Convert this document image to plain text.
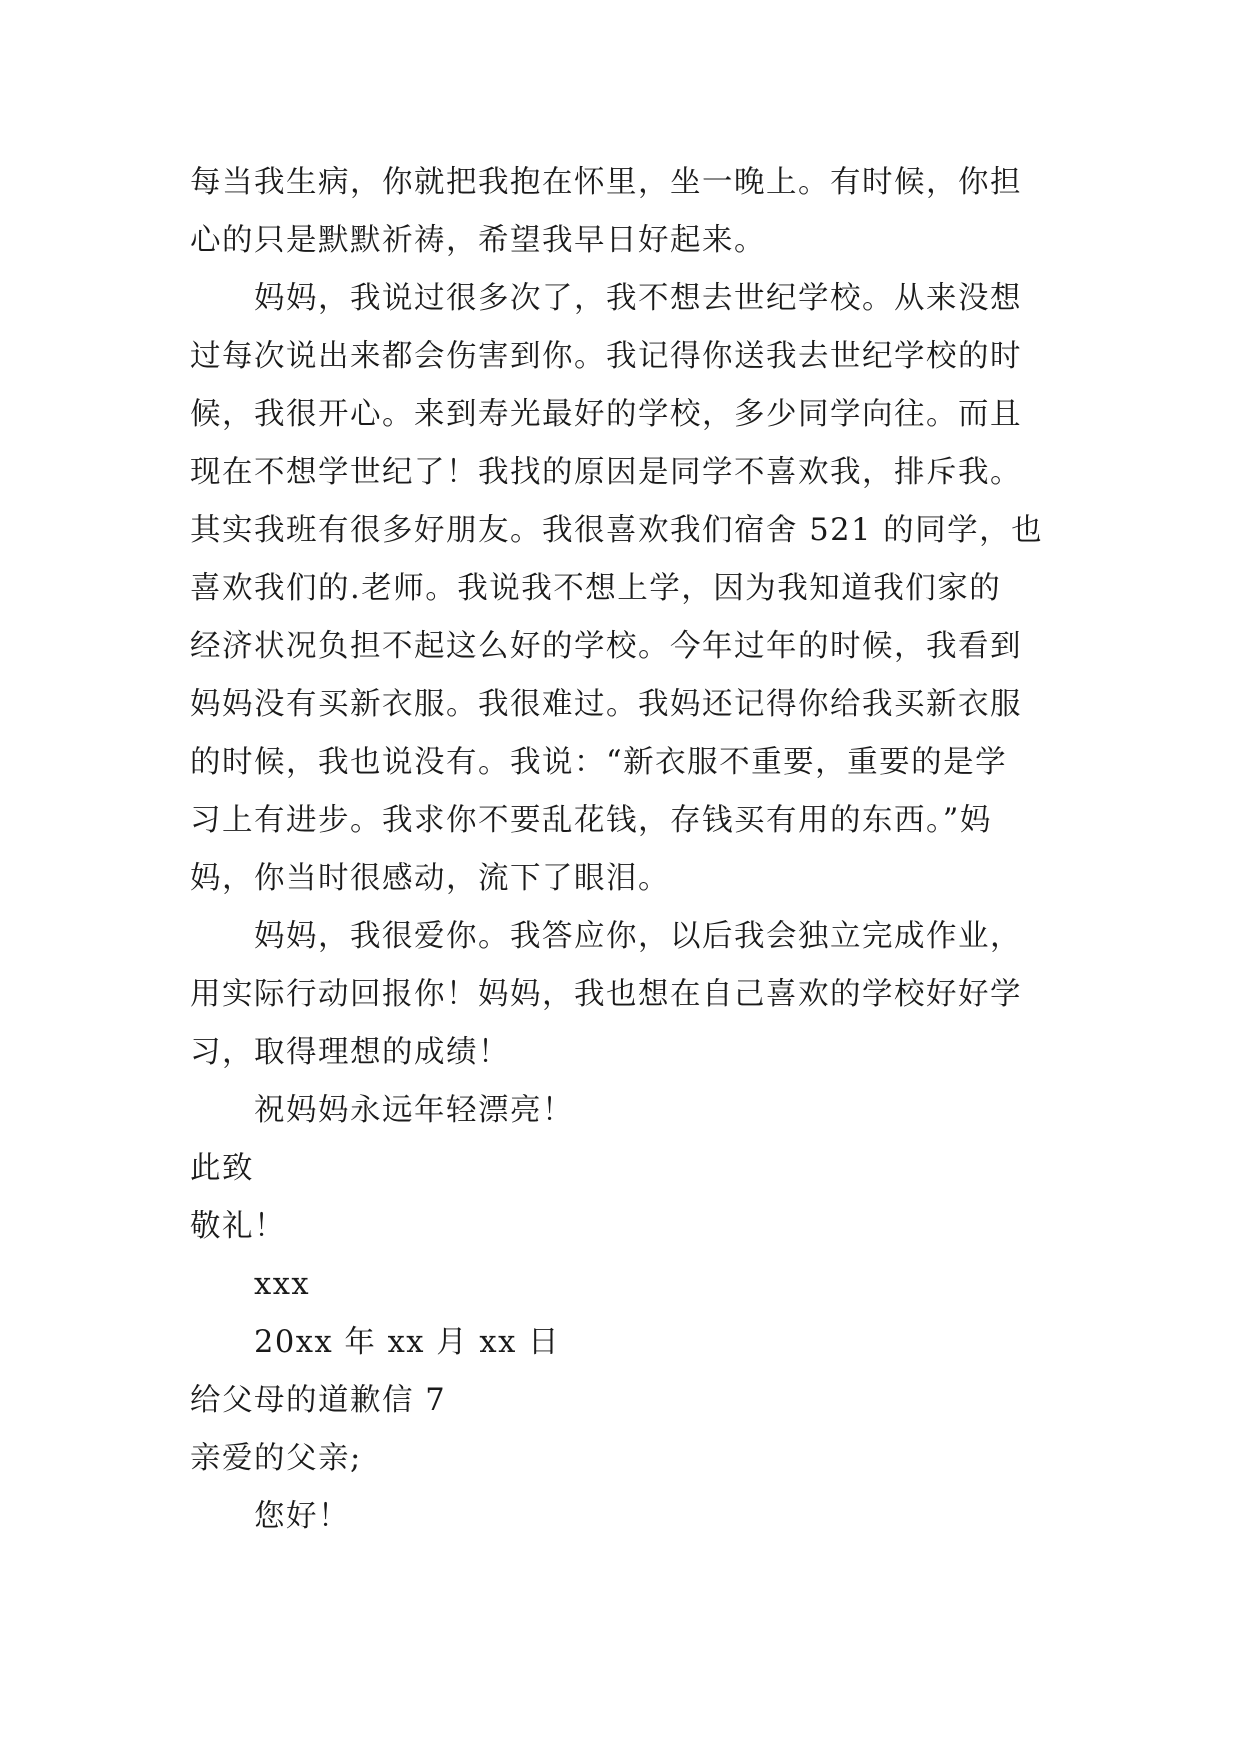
每当我生病，你就把我抱在怀里，坐一晚上。有时候，你担
心的只是默默祈祷，希望我早日好起来。
妈妈，我说过很多次了，我不想去世纪学校。从来没想
过每次说出来都会伤害到你。我记得你送我去世纪学校的时
候，我很开心。来到寿光最好的学校，多少同学向往。而且
现在不想学世纪了！我找的原因是同学不喜欢我，排斥我。
其实我班有很多好朋友。我很喜欢我们宿舍 521 的同学，也
喜欢我们的.老师。我说我不想上学，因为我知道我们家的
经济状况负担不起这么好的学校。今年过年的时候，我看到
妈妈没有买新衣服。我很难过。我妈还记得你给我买新衣服
的时候，我也说没有。我说：“新衣服不重要，重要的是学
习上有进步。我求你不要乱花钱，存钱买有用的东西。”妈
妈，你当时很感动，流下了眼泪。
妈妈，我很爱你。我答应你，以后我会独立完成作业，
用实际行动回报你！妈妈，我也想在自己喜欢的学校好好学
习，取得理想的成绩！
祝妈妈永远年轻漂亮！
此致
敬礼！
xxx
20xx 年 xx 月 xx 日
给父母的道歉信 7
亲爱的父亲;
您好！
